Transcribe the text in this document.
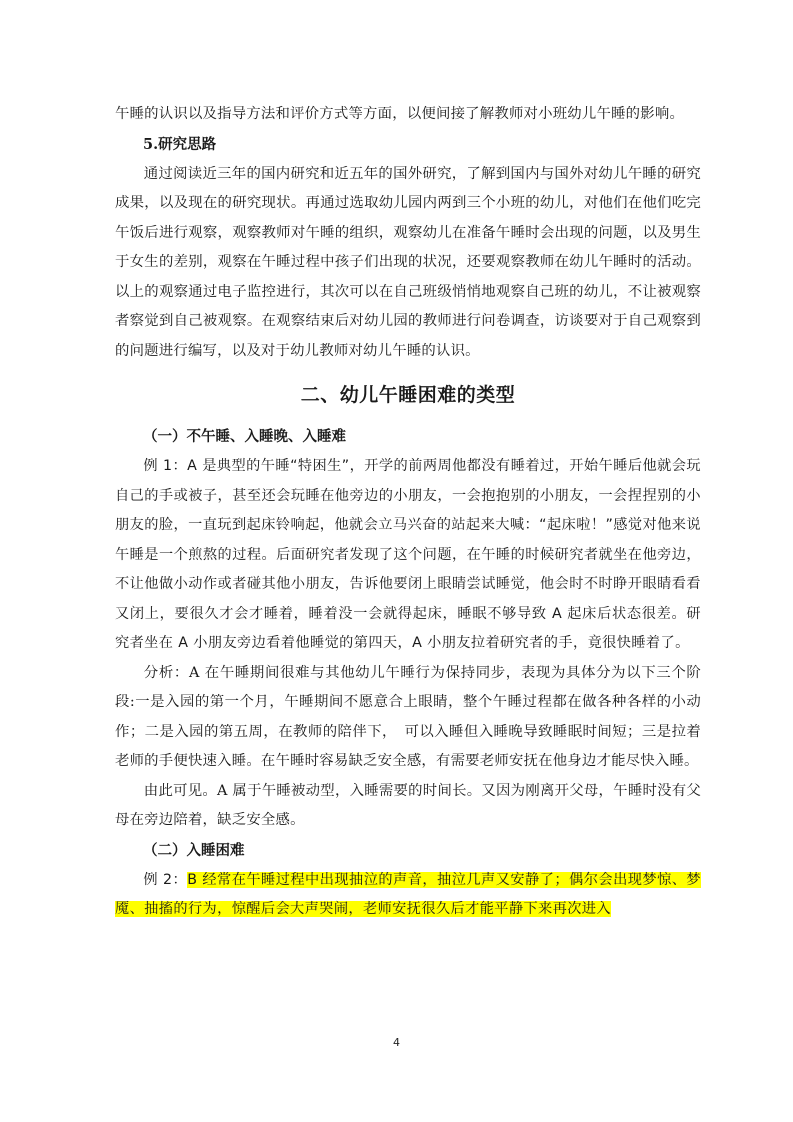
午睡的认识以及指导方法和评价方式等方面，以便间接了解教师对小班幼儿午睡的影响。

5.研究思路

通过阅读近三年的国内研究和近五年的国外研究，了解到国内与国外对幼儿午睡的研究成果，以及现在的研究现状。再通过选取幼儿园内两到三个小班的幼儿，对他们在他们吃完午饭后进行观察，观察教师对午睡的组织，观察幼儿在准备午睡时会出现的问题，以及男生于女生的差别，观察在午睡过程中孩子们出现的状况，还要观察教师在幼儿午睡时的活动。以上的观察通过电子监控进行，其次可以在自己班级悄悄地观察自己班的幼儿，不让被观察者察觉到自己被观察。在观察结束后对幼儿园的教师进行问卷调查，访谈要对于自己观察到的问题进行编写，以及对于幼儿教师对幼儿午睡的认识。

二、幼儿午睡困难的类型
（一）不午睡、入睡晚、入睡难

例 1：A 是典型的午睡“特困生”，开学的前两周他都没有睡着过，开始午睡后他就会玩自己的手或被子，甚至还会玩睡在他旁边的小朋友，一会抱抱别的小朋友，一会捏捏别的小朋友的脸，一直玩到起床铃响起，他就会立马兴奋的站起来大喊：“起床啦！”感觉对他来说午睡是一个煎熬的过程。后面研究者发现了这个问题，在午睡的时候研究者就坐在他旁边，不让他做小动作或者碰其他小朋友，告诉他要闭上眼睛尝试睡觉，他会时不时睁开眼睛看看又闭上，要很久才会才睡着，睡着没一会就得起床，睡眠不够导致 A 起床后状态很差。研究者坐在 A 小朋友旁边看着他睡觉的第四天，A 小朋友拉着研究者的手，竟很快睡着了。

分析：A 在午睡期间很难与其他幼儿午睡行为保持同步，表现为具体分为以下三个阶段:一是入园的第一个月，午睡期间不愿意合上眼睛，整个午睡过程都在做各种各样的小动作；二是入园的第五周，在教师的陪伴下，　可以入睡但入睡晚导致睡眠时间短；三是拉着老师的手便快速入睡。在午睡时容易缺乏安全感，有需要老师安抚在他身边才能尽快入睡。

由此可见。A 属于午睡被动型，入睡需要的时间长。又因为刚离开父母，午睡时没有父母在旁边陪着，缺乏安全感。

（二）入睡困难

例 2：B 经常在午睡过程中出现抽泣的声音，抽泣几声又安静了；偶尔会出现梦惊、梦魇、抽搐的行为，惊醒后会大声哭闹，老师安抚很久后才能平静下来再次进入

4
